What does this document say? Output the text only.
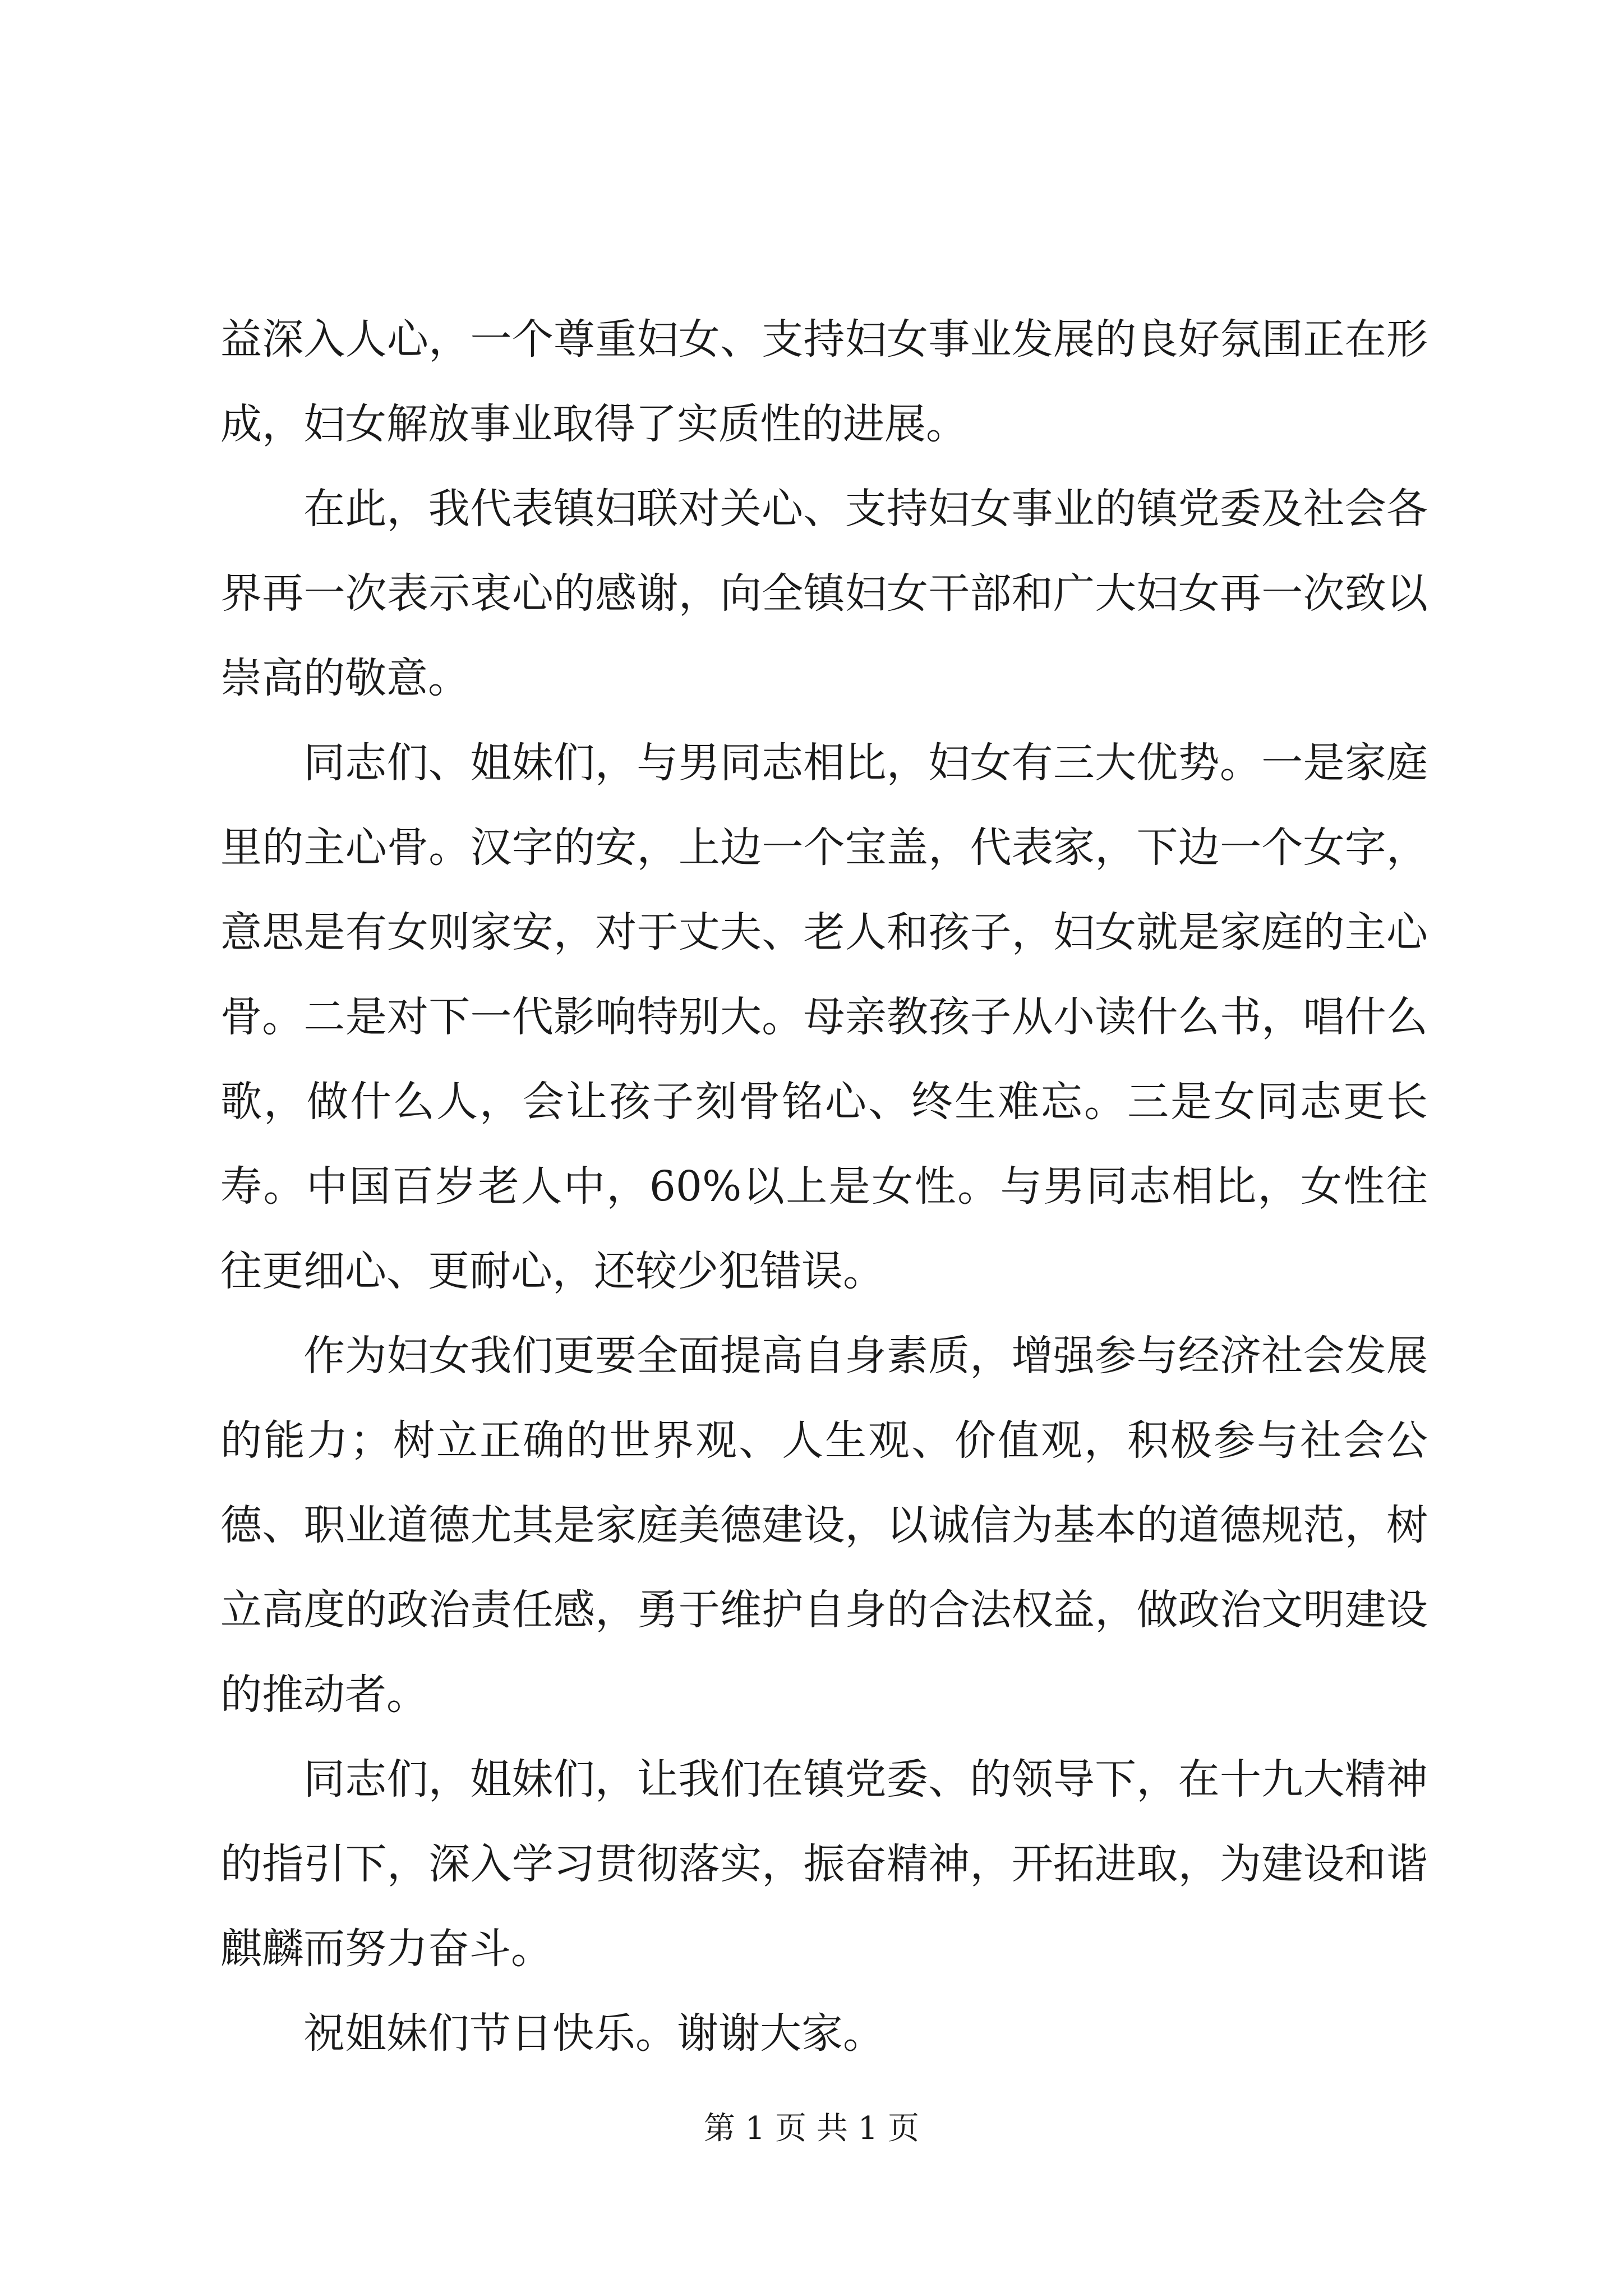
益深入人心，一个尊重妇女、支持妇女事业发展的良好氛围正在形成，妇女解放事业取得了实质性的进展。

在此，我代表镇妇联对关心、支持妇女事业的镇党委及社会各界再一次表示衷心的感谢，向全镇妇女干部和广大妇女再一次致以崇高的敬意。

同志们、姐妹们，与男同志相比，妇女有三大优势。一是家庭里的主心骨。汉字的安，上边一个宝盖，代表家，下边一个女字，意思是有女则家安，对于丈夫、老人和孩子，妇女就是家庭的主心骨。二是对下一代影响特别大。母亲教孩子从小读什么书，唱什么歌，做什么人，会让孩子刻骨铭心、终生难忘。三是女同志更长寿。中国百岁老人中，60%以上是女性。与男同志相比，女性往往更细心、更耐心，还较少犯错误。

作为妇女我们更要全面提高自身素质，增强参与经济社会发展的能力；树立正确的世界观、人生观、价值观，积极参与社会公德、职业道德尤其是家庭美德建设，以诚信为基本的道德规范，树立高度的政治责任感，勇于维护自身的合法权益，做政治文明建设的推动者。

同志们，姐妹们，让我们在镇党委、的领导下，在十九大精神的指引下，深入学习贯彻落实，振奋精神，开拓进取，为建设和谐麒麟而努力奋斗。

祝姐妹们节日快乐。谢谢大家。

第 1 页 共 1 页
